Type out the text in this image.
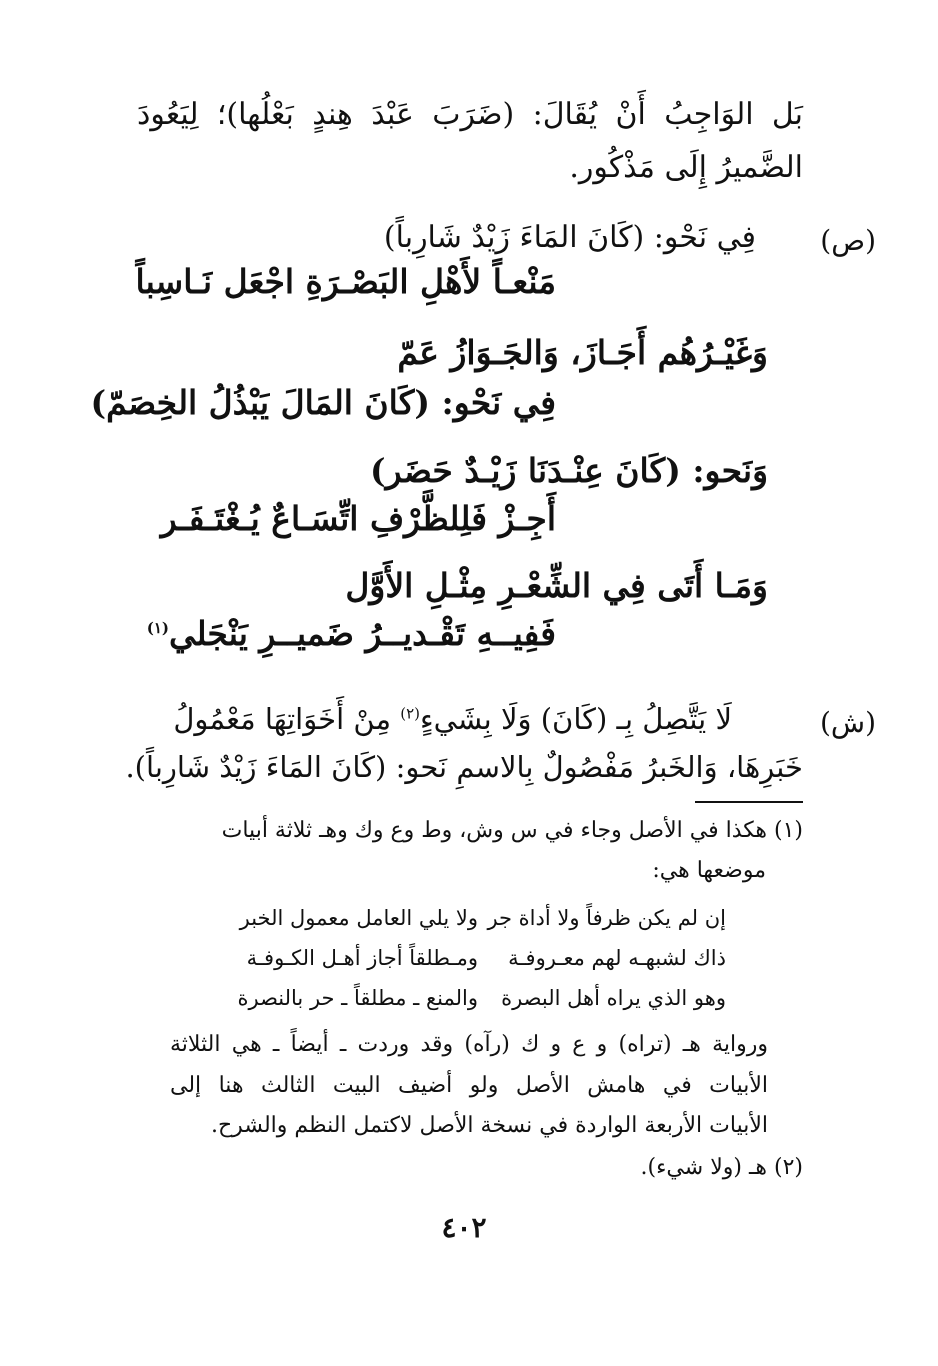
بَل الوَاجِبُ أَنْ يُقَالَ: (ضَرَبَ عَبْدَ هِندٍ بَعْلُها)؛ لِيَعُودَ
الضَّميرُ إِلَى مَذْكُور.
(ص)
فِي نَحْو: (كَانَ المَاءَ زَيْدٌ شَارِباً)
مَنْعـاً لأَهْلِ البَصْـرَةِ اجْعَل نَـاسِباً
وَغَيْـرُهُم أَجَـازَ، وَالجَـوَازُ عَمّ
فِي نَحْو: (كَانَ المَالَ يَبْذُلُ الخِصَمّ)
وَنَحو: (كَانَ عِنْـدَنَا زَيْـدٌ حَضَر)
أَجِـزْ فَلِلظَّرْفِ اتِّسَـاعٌ يُـغْتَـفَـر
وَمَـا أَتَى فِي الشِّعْـرِ مِثْـلِ الأَوَّل
فَفِيــهِ تَقْـديــرُ ضَميــرِ يَنْجَلي$^{(١)}$
(ش)
لَا يَتَّصِلُ بِـ (كَانَ) وَلَا بِشَيءٍ$^{(٢)}$ مِنْ أَخَوَاتِهَا مَعْمُولُ
خَبَرِهَا، وَالخَبرُ مَفْصُولٌ بِالاسمِ نَحو: (كَانَ المَاءَ زَيْدٌ شَارِباً).
(١) هكذا في الأصل وجاء في س وش، وط وع وك وهـ ثلاثة أبيات
موضعها هي:
إن لم يكن ظرفاً ولا أداة جر
ولا يلي العامل معمول الخبر
ذاك لشبهـه لهم معـروفـة
ومـطلقاً أجاز أهـل الكـوفـة
وهو الذي يراه أهل البصرة
والمنع ـ مطلقاً ـ حر بالنصرة
ورواية هـ (تراه) و ع و ك (رآه) وقد وردت ـ أيضاً ـ هي الثلاثة
الأبيات في هامش الأصل ولو أضيف البيت الثالث هنا إلى
الأبيات الأربعة الواردة في نسخة الأصل لاكتمل النظم والشرح.
(٢) هـ (ولا شيء).
٤٠٢
